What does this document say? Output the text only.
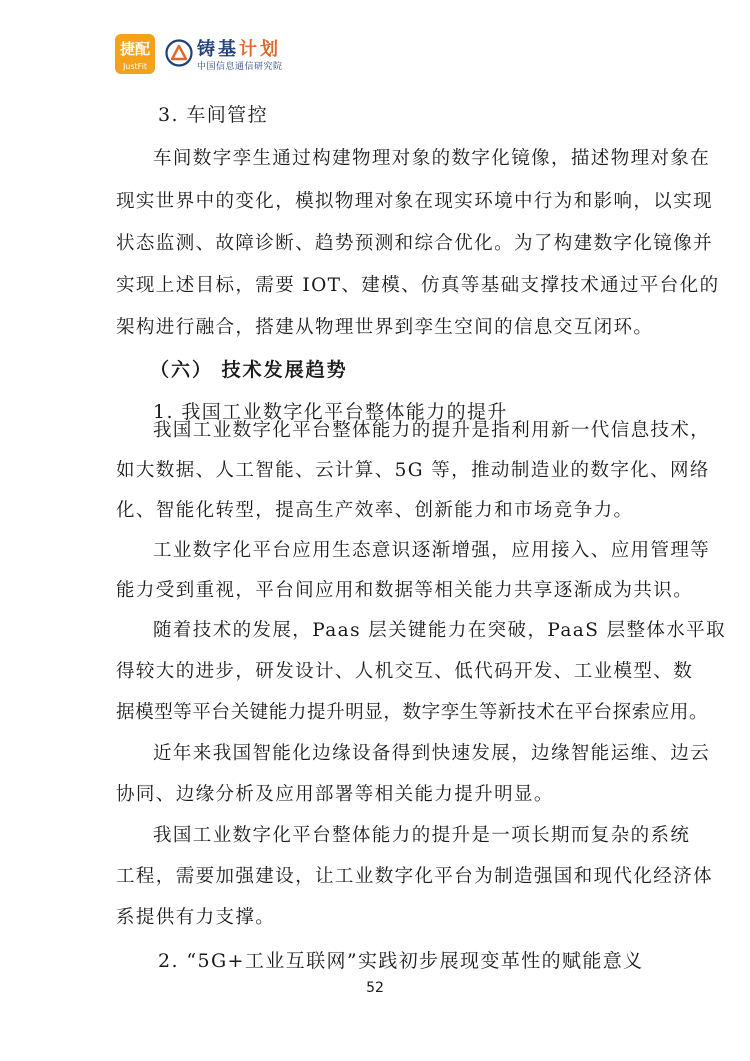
捷配
JustFit
铸基计划
中国信息通信研究院
3. 车间管控
车间数字孪生通过构建物理对象的数字化镜像，描述物理对象在
现实世界中的变化，模拟物理对象在现实环境中行为和影响，以实现
状态监测、故障诊断、趋势预测和综合优化。为了构建数字化镜像并
实现上述目标，需要 IOT、建模、仿真等基础支撑技术通过平台化的
架构进行融合，搭建从物理世界到孪生空间的信息交互闭环。
（六） 技术发展趋势
1. 我国工业数字化平台整体能力的提升
我国工业数字化平台整体能力的提升是指利用新一代信息技术，
如大数据、人工智能、云计算、5G 等，推动制造业的数字化、网络
化、智能化转型，提高生产效率、创新能力和市场竞争力。
工业数字化平台应用生态意识逐渐增强，应用接入、应用管理等
能力受到重视，平台间应用和数据等相关能力共享逐渐成为共识。
随着技术的发展，Paas 层关键能力在突破，PaaS 层整体水平取
得较大的进步，研发设计、人机交互、低代码开发、工业模型、数
据模型等平台关键能力提升明显，数字孪生等新技术在平台探索应用。
近年来我国智能化边缘设备得到快速发展，边缘智能运维、边云
协同、边缘分析及应用部署等相关能力提升明显。
我国工业数字化平台整体能力的提升是一项长期而复杂的系统
工程，需要加强建设，让工业数字化平台为制造强国和现代化经济体
系提供有力支撑。
2. “5G+工业互联网”实践初步展现变革性的赋能意义
52
